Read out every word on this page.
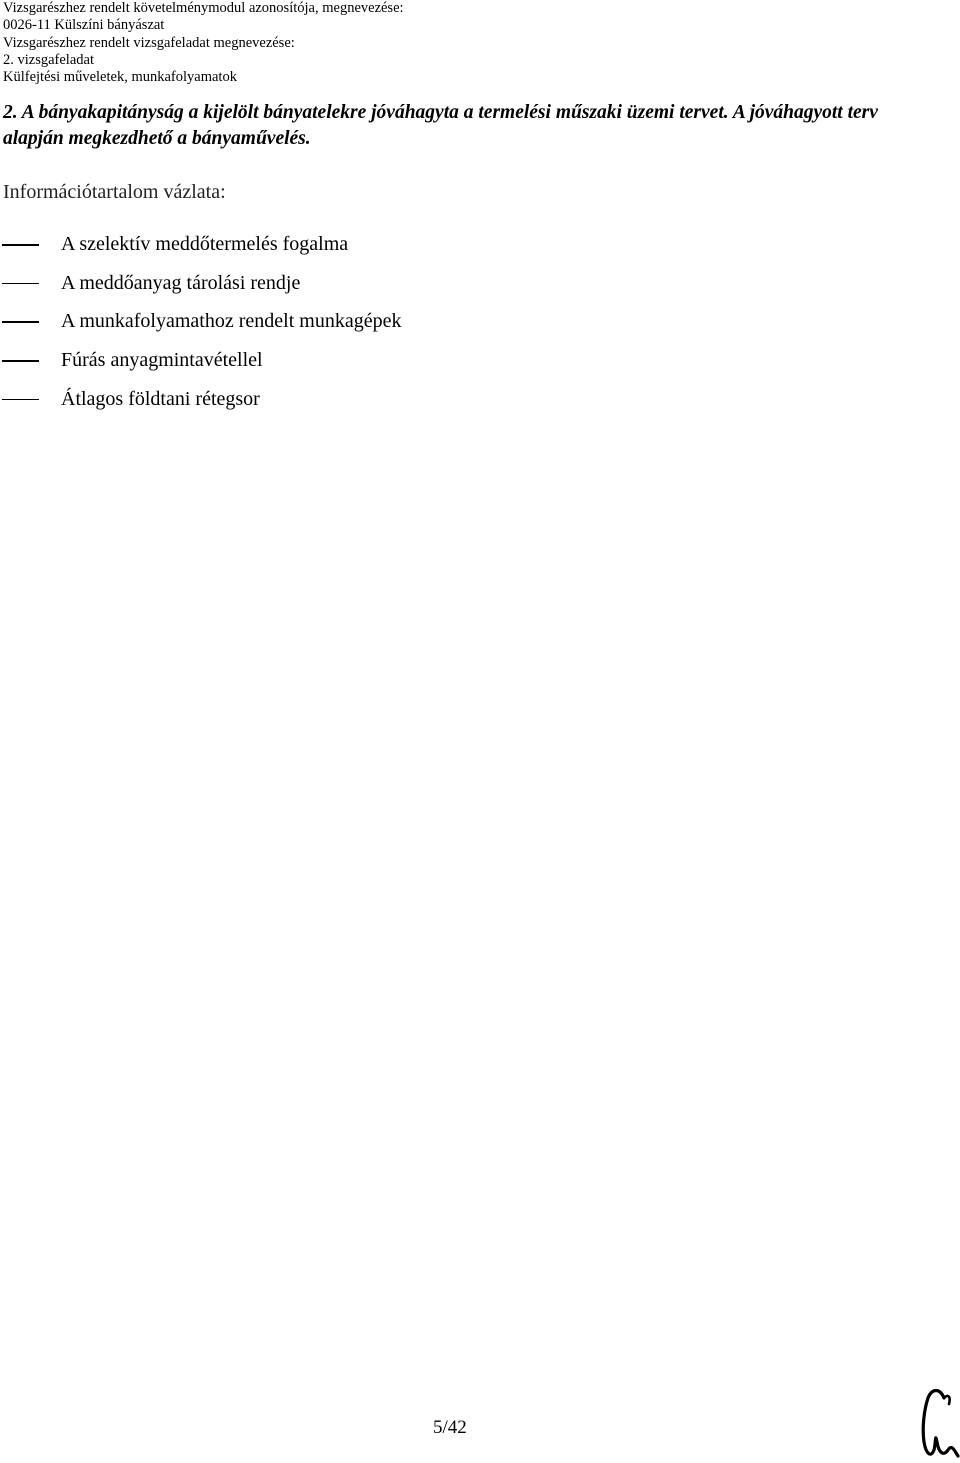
Vizsgarészhez rendelt követelménymodul azonosítója, megnevezése:
0026-11 Külszíni bányászat
Vizsgarészhez rendelt vizsgafeladat megnevezése:
2. vizsgafeladat
Külfejtési műveletek, munkafolyamatok
2. A bányakapitányság a kijelölt bányatelekre jóváhagyta a termelési műszaki üzemi tervet. A jóváhagyott terv alapján megkezdhető a bányaművelés.
Információtartalom vázlata:
A szelektív meddőtermelés fogalma
A meddőanyag tárolási rendje
A munkafolyamathoz rendelt munkagépek
Fúrás anyagmintavétellel
Átlagos földtani rétegsor
5/42
